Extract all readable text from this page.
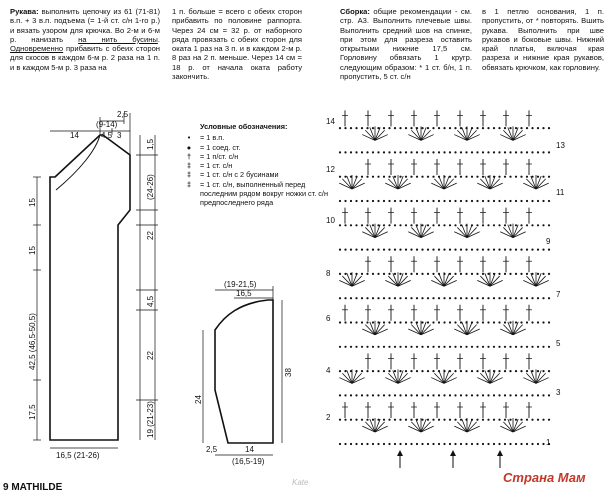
Рукава: выполнить цепочку из 61 (71-81) в.п. + 3 в.п. подъема (= 1-й ст. с/н 1-го р.) и вязать узором для крючка. Во 2-м и 6-м р. нанизать на нить бусины. Одновременно прибавить с обеих сторон для скосов в каждом 6-м р. 2 раза на 1 п. и в каждом 5-м р. 3 раза на
1 п. больше = всего с обеих сторон прибавить по половине раппорта. Через 24 см = 32 р. от наборного ряда провязать с обеих сторон для оката 1 раз на 3 п. и в каждом 2-м р. 8 раз на 2 п. меньше. Через 14 см = 18 р. от начала оката работу закончить.
Сборка: общие рекомендации - см. стр. А3. Выполнить плечевые швы. Выполнить средний шов на спинке, при этом для разреза оставить открытыми нижние 17,5 см. Горловину обвязать 1 кругр. следующим образом: * 1 ст. б/н, 1 п. пропустить, 5 ст. с/н
в 1 петлю основания, 1 п. пропустить, от * повторять. Вшить рукава. Выполнить при шве рукавов и боковые швы. Нижний край платья, включая края разреза и нижние края рукавов, обвязать крючком, как горловину.
Условные обозначения:
•	= 1 в.п.
●	= 1 соед. ст.
†	= 1 п/ст. с/н
‡	= 1 ст. с/н
‡	= 1 ст. с/н с 2 бусинами
‡	= 1 ст. с/н, выполненный перед последним рядом вокруг ножки ст. с/н предпоследнего ряда
2,5
(9-14)
14	4,5 3
1,5
(24-26)
22
4,5
22
19 (21-23)
15
15
42,5 (46,5-50,5)
17,5
16,5 (21-26)
(19-21,5)
16,5
24
38
2,5	14
(16,5-19)
14
12
10
8
6
4
2
13
11
9
7
5
3
1
Kate
9 MATHILDE
Страна Мам
